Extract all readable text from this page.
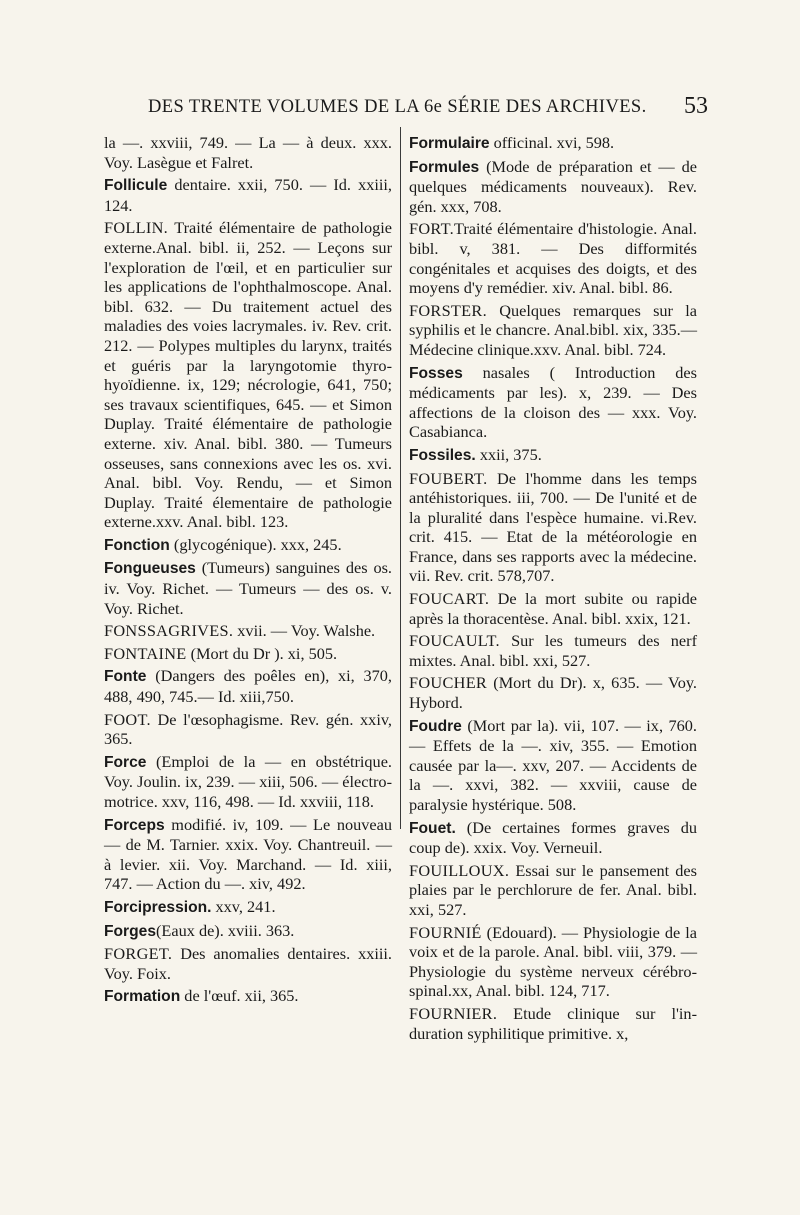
DES TRENTE VOLUMES DE LA 6e SÉRIE DES ARCHIVES. 53
la —. xxviii, 749. — La — à deux. xxx. Voy. Lasègue et Falret.
Follicule dentaire. xxii, 750. — Id. xxiii, 124.
FOLLIN. Traité élémentaire de pathologie externe.Anal. bibl. ii, 252. — Leçons sur l'exploration de l'œil, et en particulier sur les applications de l'ophthalmoscope. Anal. bibl. 632. — Du traitement actuel des maladies des voies lacrymales. iv. Rev. crit. 212. — Polypes multiples du larynx, traités et guéris par la laryngotomie thyro-hyoïdienne. ix, 129; nécrologie, 641, 750; ses travaux scientifiques, 645. — et Simon Duplay. Traité élémentaire de pathologie externe. xiv. Anal. bibl. 380. — Tumeurs osseuses, sans connexions avec les os. xvi. Anal. bibl. Voy. Rendu, — et Simon Duplay. Traité élementaire de pathologie externe.xxv. Anal. bibl. 123.
Fonction (glycogénique). xxx, 245.
Fongueuses (Tumeurs) sanguines des os. iv. Voy. Richet. — Tumeurs — des os. v. Voy. Richet.
FONSSAGRIVES. xvii. — Voy. Walshe.
FONTAINE (Mort du Dr ). xi, 505.
Fonte (Dangers des poêles en), xi, 370, 488, 490, 745.— Id. xiii,750.
FOOT. De l'œsophagisme. Rev. gén. xxiv, 365.
Force (Emploi de la — en obstétrique. Voy. Joulin. ix, 239. — xiii, 506. — électro-motrice. xxv, 116, 498. — Id. xxviii, 118.
Forceps modifié. iv, 109. — Le nouveau — de M. Tarnier. xxix. Voy. Chantreuil. — à levier. xii. Voy. Marchand. — Id. xiii, 747. — Action du —. xiv, 492.
Forcipression. xxv, 241.
Forges(Eaux de). xviii. 363.
FORGET. Des anomalies dentaires. xxiii. Voy. Foix.
Formation de l'œuf. xii, 365.
Formulaire officinal. xvi, 598.
Formules (Mode de préparation et — de quelques médicaments nouveaux). Rev. gén. xxx, 708.
FORT.Traité élémentaire d'histologie. Anal. bibl. v, 381. — Des difformités congénitales et acquises des doigts, et des moyens d'y remédier. xiv. Anal. bibl. 86.
FORSTER. Quelques remarques sur la syphilis et le chancre. Anal.bibl. xix, 335.—Médecine clinique.xxv. Anal. bibl. 724.
Fosses nasales ( Introduction des médicaments par les). x, 239. — Des affections de la cloison des — xxx. Voy. Casabianca.
Fossiles. xxii, 375.
FOUBERT. De l'homme dans les temps antéhistoriques. iii, 700. — De l'unité et de la pluralité dans l'espèce humaine. vi.Rev. crit. 415. — Etat de la météorologie en France, dans ses rapports avec la médecine. vii. Rev. crit. 578,707.
FOUCART. De la mort subite ou rapide après la thoracentèse. Anal. bibl. xxix, 121.
FOUCAULT. Sur les tumeurs des nerf mixtes. Anal. bibl. xxi, 527.
FOUCHER (Mort du Dr). x, 635. — Voy. Hybord.
Foudre (Mort par la). vii, 107. — ix, 760. — Effets de la —. xiv, 355. — Emotion causée par la—. xxv, 207. — Accidents de la —. xxvi, 382. — xxviii, cause de paralysie hystérique. 508.
Fouet. (De certaines formes graves du coup de). xxix. Voy. Verneuil.
FOUILLOUX. Essai sur le pansement des plaies par le perchlorure de fer. Anal. bibl. xxi, 527.
FOURNIÉ (Edouard). — Physiologie de la voix et de la parole. Anal. bibl. viii, 379. — Physiologie du système nerveux cérébro-spinal.xx, Anal. bibl. 124, 717.
FOURNIER. Etude clinique sur l'in-duration syphilitique primitive. x,
